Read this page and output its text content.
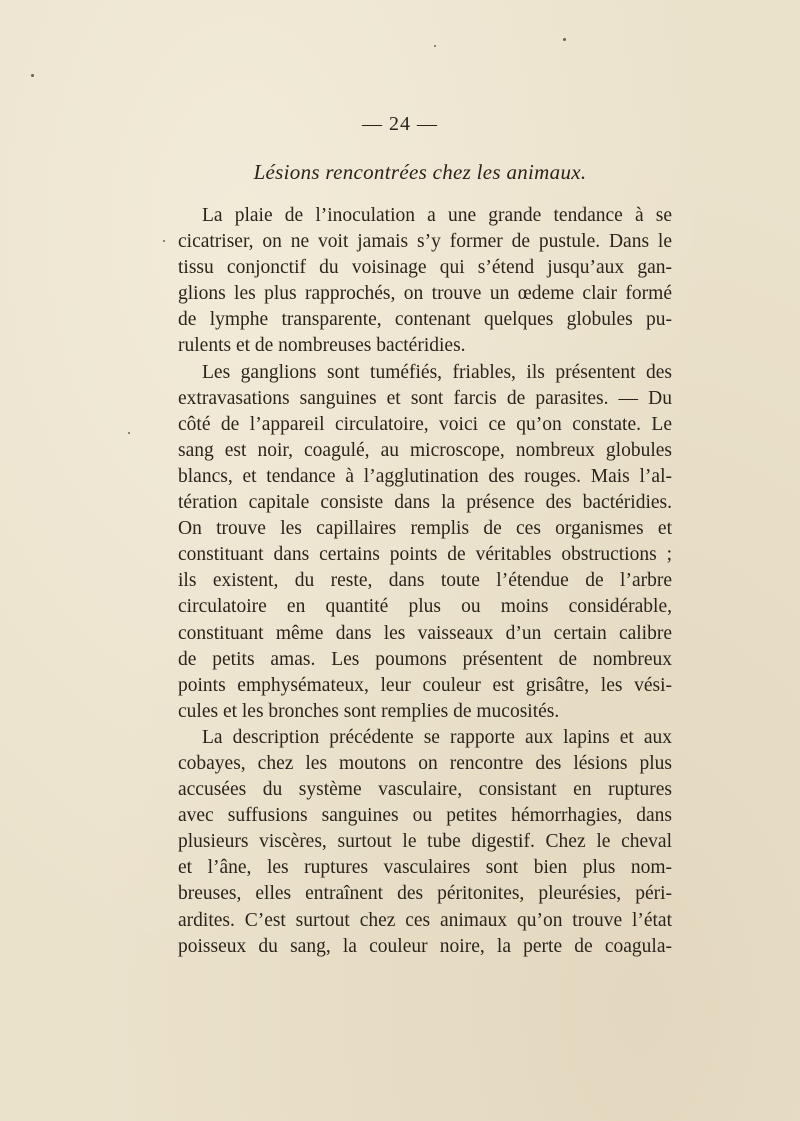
— 24 —
Lésions rencontrées chez les animaux.
La plaie de l’inoculation a une grande tendance à se
cicatriser, on ne voit jamais s’y former de pustule. Dans le
tissu conjonctif du voisinage qui s’étend jusqu’aux gan-
glions les plus rapprochés, on trouve un œdeme clair formé
de lymphe transparente, contenant quelques globules pu-
rulents et de nombreuses bactéridies.
Les ganglions sont tuméfiés, friables, ils présentent des
extravasations sanguines et sont farcis de parasites. — Du
côté de l’appareil circulatoire, voici ce qu’on constate. Le
sang est noir, coagulé, au microscope, nombreux globules
blancs, et tendance à l’agglutination des rouges. Mais l’al-
tération capitale consiste dans la présence des bactéridies.
On trouve les capillaires remplis de ces organismes et
constituant dans certains points de véritables obstructions ;
ils existent, du reste, dans toute l’étendue de l’arbre
circulatoire en quantité plus ou moins considérable,
constituant même dans les vaisseaux d’un certain calibre
de petits amas. Les poumons présentent de nombreux
points emphysémateux, leur couleur est grisâtre, les vési-
cules et les bronches sont remplies de mucosités.
La description précédente se rapporte aux lapins et aux
cobayes, chez les moutons on rencontre des lésions plus
accusées du système vasculaire, consistant en ruptures
avec suffusions sanguines ou petites hémorrhagies, dans
plusieurs viscères, surtout le tube digestif. Chez le cheval
et l’âne, les ruptures vasculaires sont bien plus nom-
breuses, elles entraînent des péritonites, pleurésies, péri-
ardites. C’est surtout chez ces animaux qu’on trouve l’état
poisseux du sang, la couleur noire, la perte de coagula-
